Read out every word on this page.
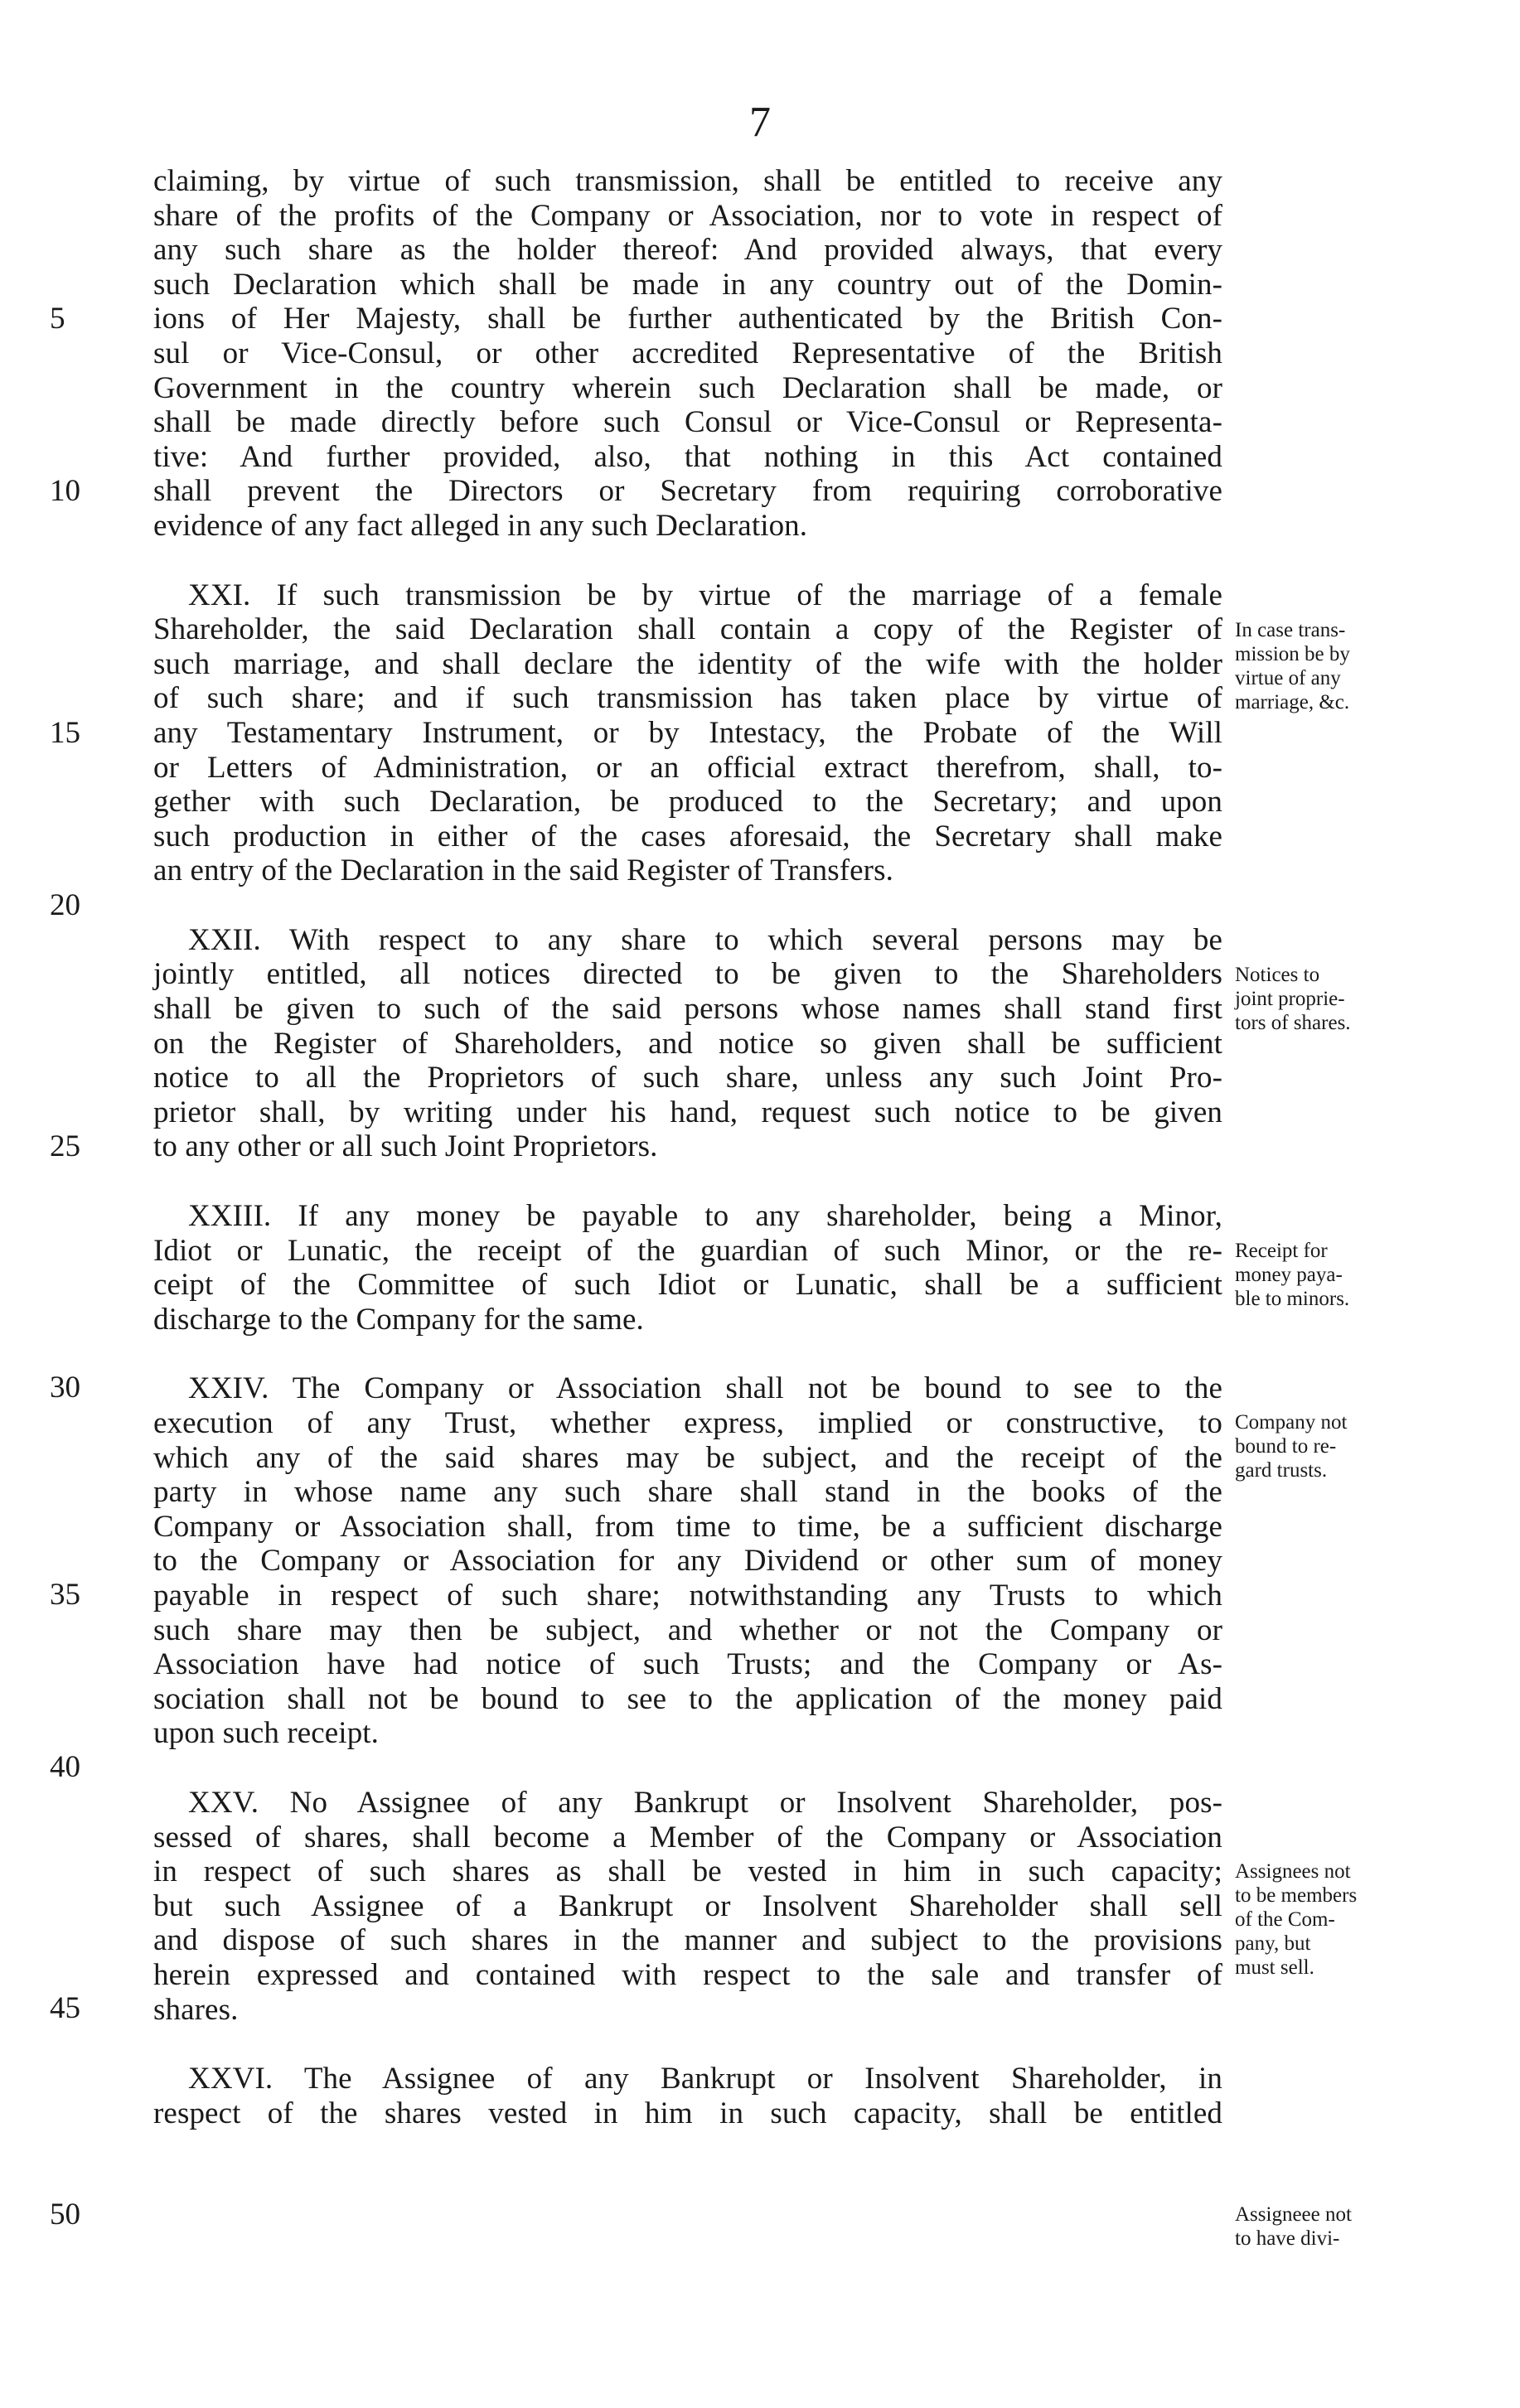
7
claiming, by virtue of such transmission, shall be entitled to receive any
share of the profits of the Company or Association, nor to vote in respect of
any such share as the holder thereof: And provided always, that every
such Declaration which shall be made in any country out of the Domin-
ions of Her Majesty, shall be further authenticated by the British Con-
sul or Vice-Consul, or other accredited Representative of the British
Government in the country wherein such Declaration shall be made, or
shall be made directly before such Consul or Vice-Consul or Representa-
tive: And further provided, also, that nothing in this Act contained
shall prevent the Directors or Secretary from requiring corroborative
evidence of any fact alleged in any such Declaration.
XXI. If such transmission be by virtue of the marriage of a female
Shareholder, the said Declaration shall contain a copy of the Register of
such marriage, and shall declare the identity of the wife with the holder
of such share; and if such transmission has taken place by virtue of
any Testamentary Instrument, or by Intestacy, the Probate of the Will
or Letters of Administration, or an official extract therefrom, shall, to-
gether with such Declaration, be produced to the Secretary; and upon
such production in either of the cases aforesaid, the Secretary shall make
an entry of the Declaration in the said Register of Transfers.
XXII. With respect to any share to which several persons may be
jointly entitled, all notices directed to be given to the Shareholders
shall be given to such of the said persons whose names shall stand first
on the Register of Shareholders, and notice so given shall be sufficient
notice to all the Proprietors of such share, unless any such Joint Pro-
prietor shall, by writing under his hand, request such notice to be given
to any other or all such Joint Proprietors.
XXIII. If any money be payable to any shareholder, being a Minor,
Idiot or Lunatic, the receipt of the guardian of such Minor, or the re-
ceipt of the Committee of such Idiot or Lunatic, shall be a sufficient
discharge to the Company for the same.
XXIV. The Company or Association shall not be bound to see to the
execution of any Trust, whether express, implied or constructive, to
which any of the said shares may be subject, and the receipt of the
party in whose name any such share shall stand in the books of the
Company or Association shall, from time to time, be a sufficient discharge
to the Company or Association for any Dividend or other sum of money
payable in respect of such share; notwithstanding any Trusts to which
such share may then be subject, and whether or not the Company or
Association have had notice of such Trusts; and the Company or As-
sociation shall not be bound to see to the application of the money paid
upon such receipt.
XXV. No Assignee of any Bankrupt or Insolvent Shareholder, pos-
sessed of shares, shall become a Member of the Company or Association
in respect of such shares as shall be vested in him in such capacity;
but such Assignee of a Bankrupt or Insolvent Shareholder shall sell
and dispose of such shares in the manner and subject to the provisions
herein expressed and contained with respect to the sale and transfer of
shares.
XXVI. The Assignee of any Bankrupt or Insolvent Shareholder, in
respect of the shares vested in him in such capacity, shall be entitled
5
10
15
20
25
30
35
40
45
50
In case trans-
mission be by
virtue of any
marriage, &c.
Notices to
joint proprie-
tors of shares.
Receipt for
money paya-
ble to minors.
Company not
bound to re-
gard trusts.
Assignees not
to be members
of the Com-
pany, but
must sell.
Assigneee not
to have divi-
